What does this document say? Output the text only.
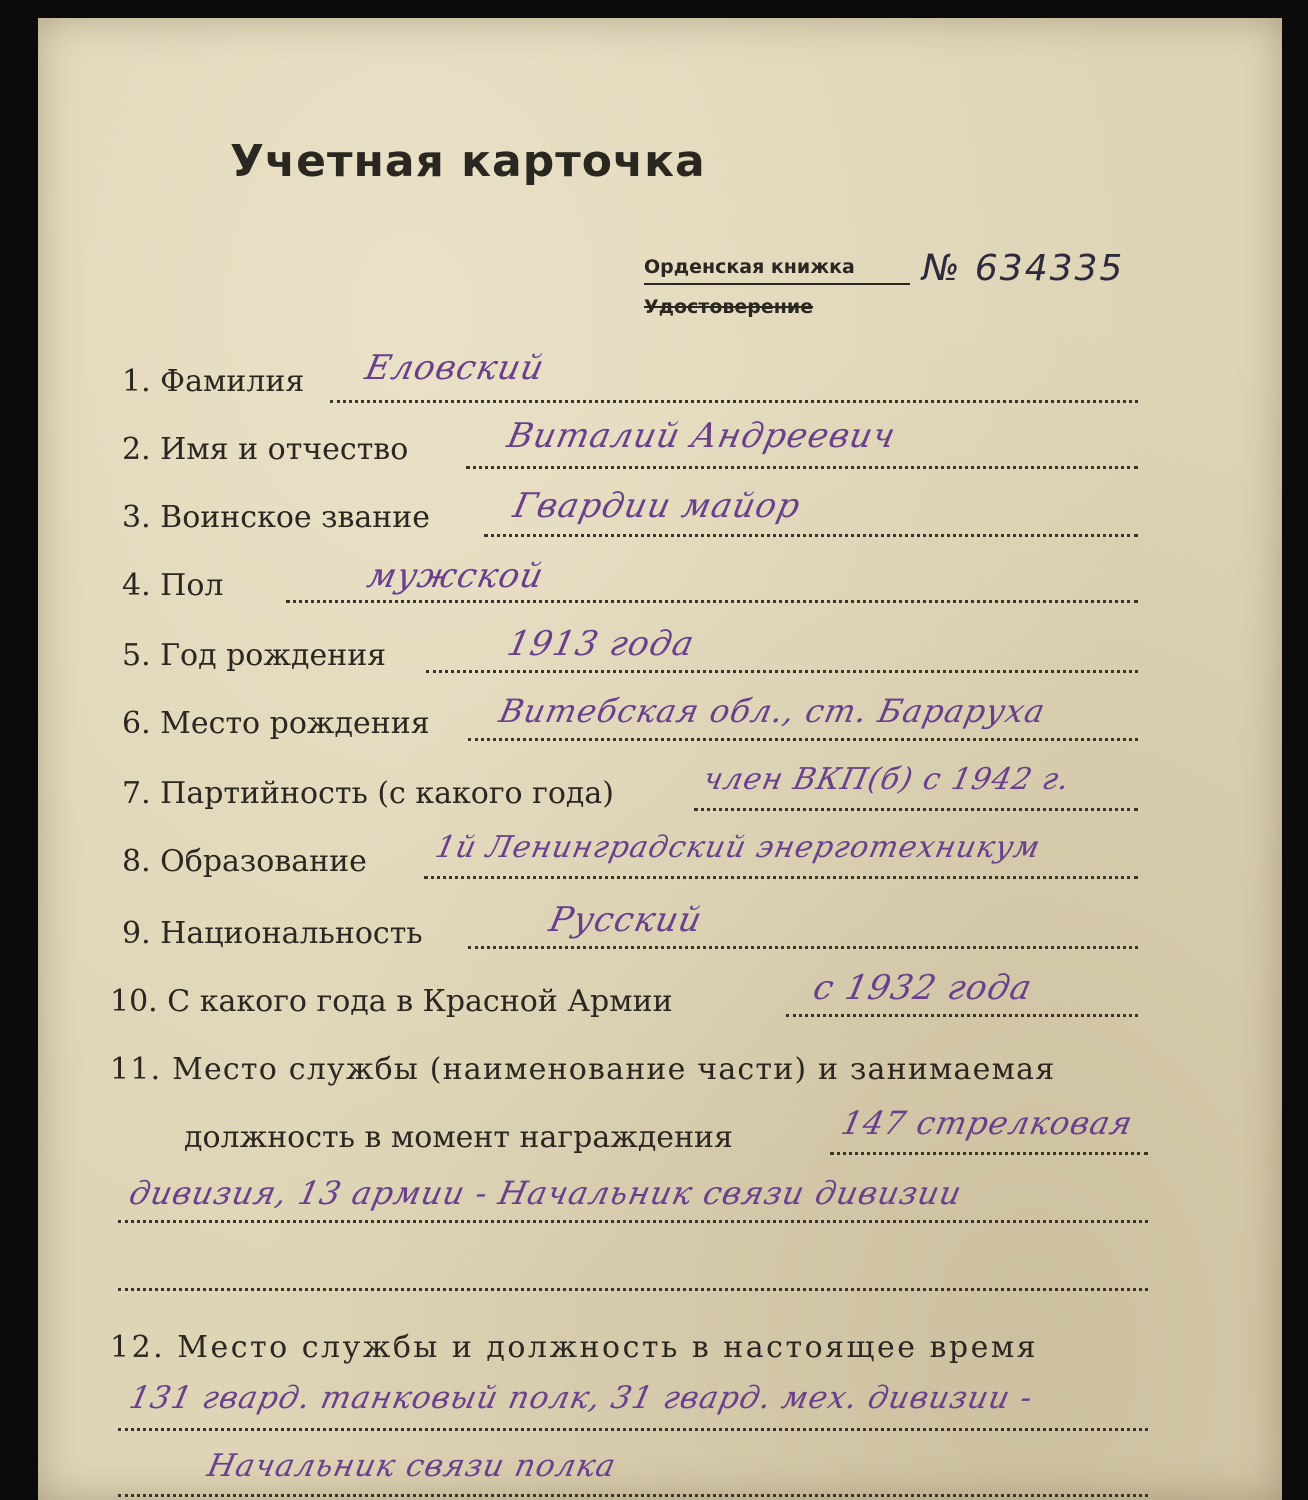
Учетная карточка
Орденская книжка
Удостоверение
№ 634335
1. Фамилия Еловский
2. Имя и отчество	Виталий Андреевич
3. Воинское звание Гвардии майор
4. Пол	мужской
5. Год рождения	1913 года
6. Место рождения Витебская обл., ст. Бараруха
7. Партийность (с какого года)	член ВКП(б) с 1942 г.
8. Образование 1й Ленинградский энерготехникум
9. Национальность	Русский
10. С какого года в Красной Армии	с 1932 года
11. Место службы (наименование части) и занимаемая
должность в момент награждения	147 стрелковая
дивизия, 13 армии - Начальник связи дивизии
12. Место службы и должность в настоящее время
131 гвард. танковый полк, 31 гвард. мех. дивизии -
Начальник связи полка
